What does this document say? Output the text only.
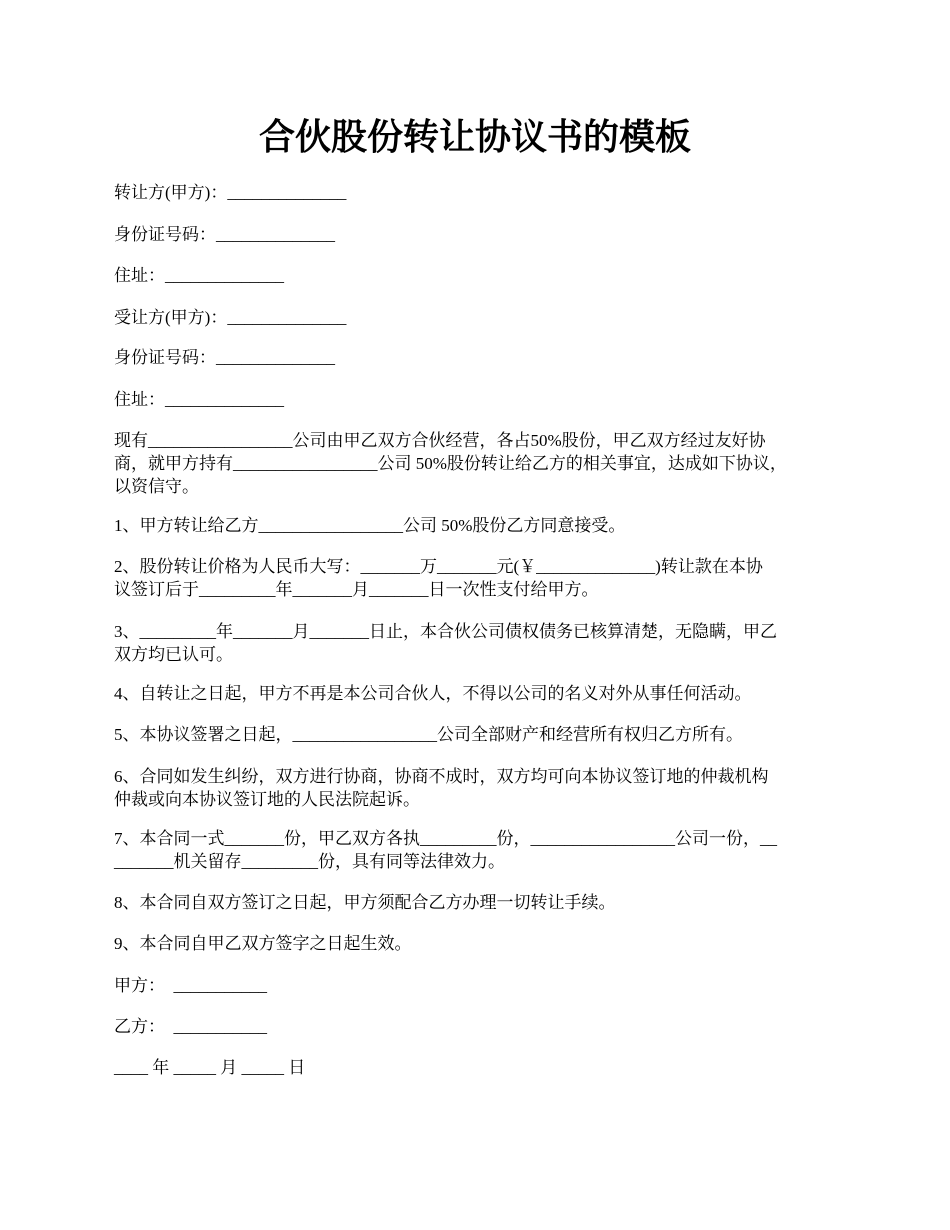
合伙股份转让协议书的模板
转让方(甲方)：______________
身份证号码：______________
住址：______________
受让方(甲方)：______________
身份证号码：______________
住址：______________
现有_________________公司由甲乙双方合伙经营，各占50%股份，甲乙双方经过友好协
商，就甲方持有_________________公司 50%股份转让给乙方的相关事宜，达成如下协议，
以资信守。
1、甲方转让给乙方_________________公司 50%股份乙方同意接受。
2、股份转让价格为人民币大写：_______万_______元(￥______________)转让款在本协
议签订后于_________年_______月_______日一次性支付给甲方。
3、_________年_______月_______日止，本合伙公司债权债务已核算清楚，无隐瞒，甲乙
双方均已认可。
4、自转让之日起，甲方不再是本公司合伙人，不得以公司的名义对外从事任何活动。
5、本协议签署之日起，_________________公司全部财产和经营所有权归乙方所有。
6、合同如发生纠纷，双方进行协商，协商不成时，双方均可向本协议签订地的仲裁机构
仲裁或向本协议签订地的人民法院起诉。
7、本合同一式_______份，甲乙双方各执_________份，_________________公司一份，__
_______机关留存_________份，具有同等法律效力。
8、本合同自双方签订之日起，甲方须配合乙方办理一切转让手续。
9、本合同自甲乙双方签字之日起生效。
甲方：  ___________
乙方：  ___________
____ 年 _____ 月 _____ 日
